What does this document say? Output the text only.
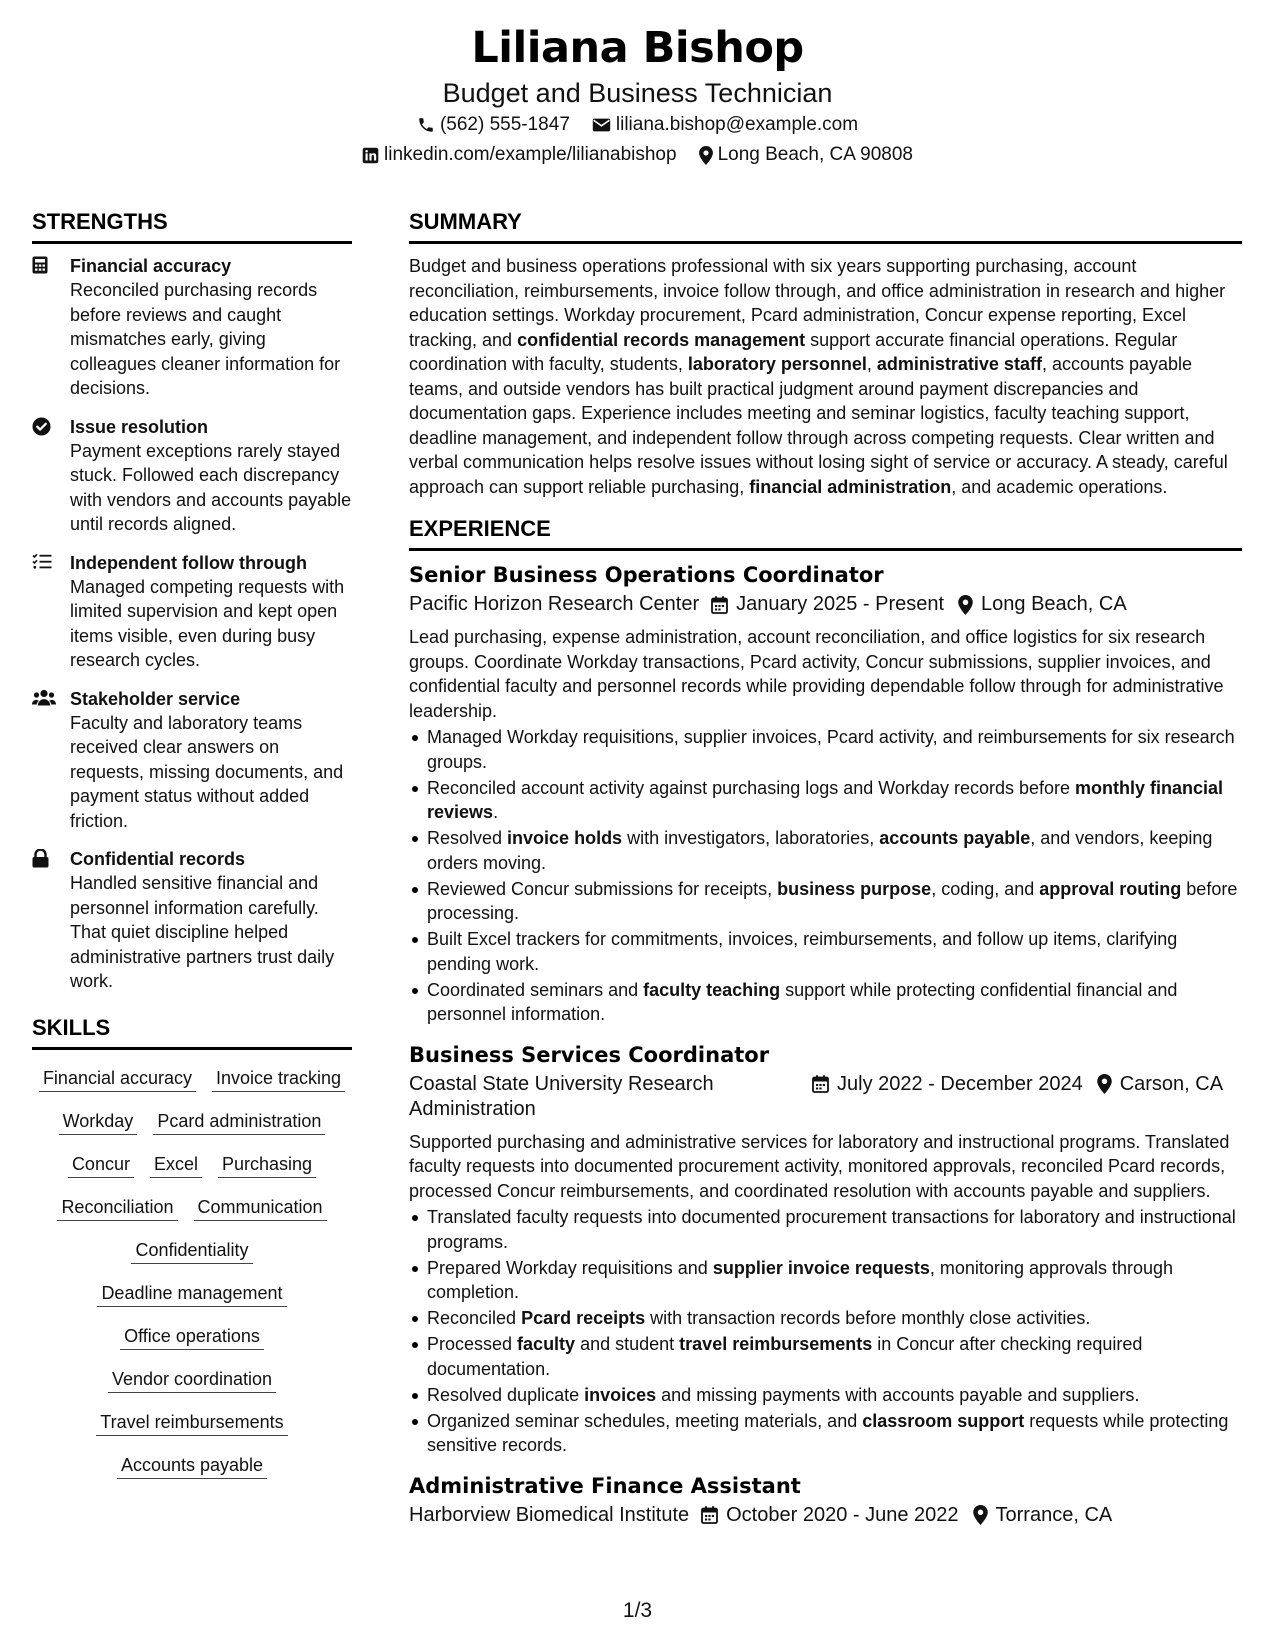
Liliana Bishop
Budget and Business Technician
(562) 555-1847 liliana.bishop@example.com
linkedin.com/example/lilianabishop Long Beach, CA 90808
STRENGTHS
Financial accuracy
Reconciled purchasing records before reviews and caught mismatches early, giving colleagues cleaner information for decisions.
Issue resolution
Payment exceptions rarely stayed stuck. Followed each discrepancy with vendors and accounts payable until records aligned.
Independent follow through
Managed competing requests with limited supervision and kept open items visible, even during busy research cycles.
Stakeholder service
Faculty and laboratory teams received clear answers on requests, missing documents, and payment status without added friction.
Confidential records
Handled sensitive financial and personnel information carefully. That quiet discipline helped administrative partners trust daily work.
SKILLS
Financial accuracy Invoice tracking
Workday Pcard administration
Concur Excel Purchasing
Reconciliation Communication
Confidentiality
Deadline management
Office operations
Vendor coordination
Travel reimbursements
Accounts payable
SUMMARY
Budget and business operations professional with six years supporting purchasing, account reconciliation, reimbursements, invoice follow through, and office administration in research and higher education settings. Workday procurement, Pcard administration, Concur expense reporting, Excel tracking, and confidential records management support accurate financial operations. Regular coordination with faculty, students, laboratory personnel, administrative staff, accounts payable teams, and outside vendors has built practical judgment around payment discrepancies and documentation gaps. Experience includes meeting and seminar logistics, faculty teaching support, deadline management, and independent follow through across competing requests. Clear written and verbal communication helps resolve issues without losing sight of service or accuracy. A steady, careful approach can support reliable purchasing, financial administration, and academic operations.
EXPERIENCE
Senior Business Operations Coordinator
Pacific Horizon Research Center January 2025 - Present Long Beach, CA
Lead purchasing, expense administration, account reconciliation, and office logistics for six research groups. Coordinate Workday transactions, Pcard activity, Concur submissions, supplier invoices, and confidential faculty and personnel records while providing dependable follow through for administrative leadership.
Managed Workday requisitions, supplier invoices, Pcard activity, and reimbursements for six research groups.
Reconciled account activity against purchasing logs and Workday records before monthly financial reviews.
Resolved invoice holds with investigators, laboratories, accounts payable, and vendors, keeping orders moving.
Reviewed Concur submissions for receipts, business purpose, coding, and approval routing before processing.
Built Excel trackers for commitments, invoices, reimbursements, and follow up items, clarifying pending work.
Coordinated seminars and faculty teaching support while protecting confidential financial and personnel information.
Business Services Coordinator
Coastal State University Research Administration
July 2022 - December 2024 Carson, CA
Supported purchasing and administrative services for laboratory and instructional programs. Translated faculty requests into documented procurement activity, monitored approvals, reconciled Pcard records, processed Concur reimbursements, and coordinated resolution with accounts payable and suppliers.
Translated faculty requests into documented procurement transactions for laboratory and instructional programs.
Prepared Workday requisitions and supplier invoice requests, monitoring approvals through completion.
Reconciled Pcard receipts with transaction records before monthly close activities.
Processed faculty and student travel reimbursements in Concur after checking required documentation.
Resolved duplicate invoices and missing payments with accounts payable and suppliers.
Organized seminar schedules, meeting materials, and classroom support requests while protecting sensitive records.
Administrative Finance Assistant
Harborview Biomedical Institute October 2020 - June 2022 Torrance, CA
1/3
